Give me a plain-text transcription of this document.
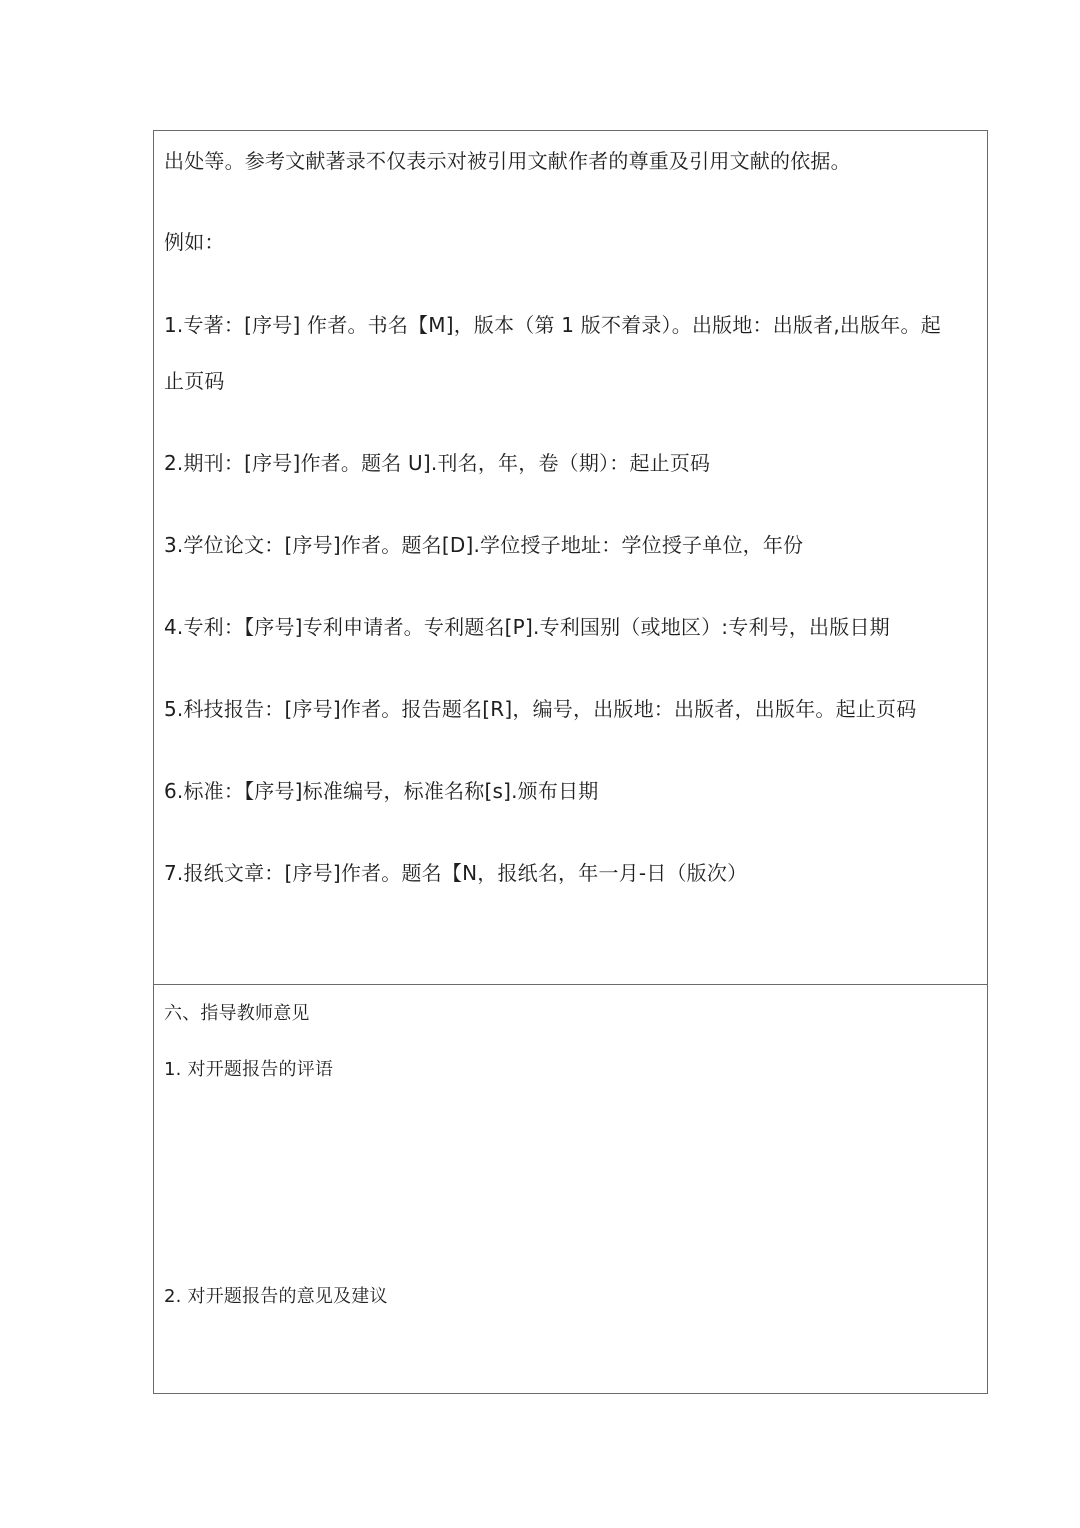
出处等。参考文献著录不仅表示对被引用文献作者的尊重及引用文献的依据。
例如：
1.专著：[序号] 作者。书名【M]，版本（第 1 版不着录）。出版地：出版者,出版年。起
止页码
2.期刊：[序号]作者。题名 U].刊名，年，卷（期）：起止页码
3.学位论文：[序号]作者。题名[D].学位授子地址：学位授子单位，年份
4.专利：【序号]专利申请者。专利题名[P].专利国别（或地区）:专利号，出版日期
5.科技报告：[序号]作者。报告题名[R]，编号，出版地：出版者，出版年。起止页码
6.标准：【序号]标准编号，标准名称[s].颁布日期
7.报纸文章：[序号]作者。题名【N，报纸名，年一月-日（版次）
六、指导教师意见
1. 对开题报告的评语
2. 对开题报告的意见及建议
